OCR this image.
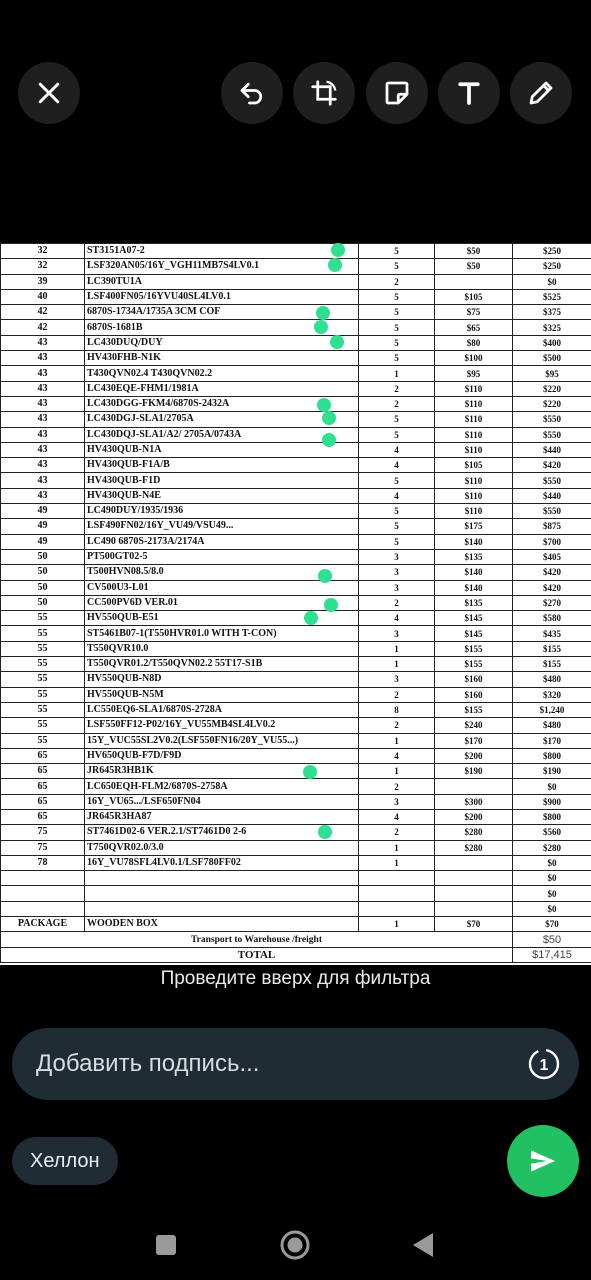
32	ST3151A07-2	5	$50	$250
32	LSF320AN05/16Y_VGH11MB7S4LV0.1	5	$50	$250
39	LC390TU1A	2		$0
40	LSF400FN05/16YVU40SL4LV0.1	5	$105	$525
42	6870S-1734A/1735A 3CM COF	5	$75	$375
42	6870S-1681B	5	$65	$325
43	LC430DUQ/DUY	5	$80	$400
43	HV430FHB-N1K	5	$100	$500
43	T430QVN02.4 T430QVN02.2	1	$95	$95
43	LC430EQE-FHM1/1981A	2	$110	$220
43	LC430DGG-FKM4/6870S-2432A	2	$110	$220
43	LC430DGJ-SLA1/2705A	5	$110	$550
43	LC430DQJ-SLA1/A2/ 2705A/0743A	5	$110	$550
43	HV430QUB-N1A	4	$110	$440
43	HV430QUB-F1A/B	4	$105	$420
43	HV430QUB-F1D	5	$110	$550
43	HV430QUB-N4E	4	$110	$440
49	LC490DUY/1935/1936	5	$110	$550
49	LSF490FN02/16Y_VU49/VSU49...	5	$175	$875
49	LC490 6870S-2173A/2174A	5	$140	$700
50	PT500GT02-5	3	$135	$405
50	T500HVN08.5/8.0	3	$140	$420
50	CV500U3-L01	3	$140	$420
50	CC500PV6D VER.01	2	$135	$270
55	HV550QUB-E51	4	$145	$580
55	ST5461B07-1(T550HVR01.0 WITH T-CON)	3	$145	$435
55	T550QVR10.0	1	$155	$155
55	T550QVR01.2/T550QVN02.2 55T17-S1B	1	$155	$155
55	HV550QUB-N8D	3	$160	$480
55	HV550QUB-N5M	2	$160	$320
55	LC550EQ6-SLA1/6870S-2728A	8	$155	$1,240
55	LSF550FF12-P02/16Y_VU55MB4SL4LV0.2	2	$240	$480
55	15Y_VUC55SL2V0.2(LSF550FN16/20Y_VU55...)	1	$170	$170
65	HV650QUB-F7D/F9D	4	$200	$800
65	JR645R3HB1K	1	$190	$190
65	LC650EQH-FLM2/6870S-2758A	2		$0
65	16Y_VU65.../LSF650FN04	3	$300	$900
65	JR645R3HA87	4	$200	$800
75	ST7461D02-6 VER.2.1/ST7461D0 2-6	2	$280	$560
75	T750QVR02.0/3.0	1	$280	$280
78	16Y_VU78SFL4LV0.1/LSF780FF02	1		$0
				$0
				$0
				$0
PACKAGE	WOODEN BOX	1	$70	$70
Transport to Warehouse /freight				$50
TOTAL				$17,415
Проведите вверх для фильтра
Добавить подпись...
1
Хеллон
